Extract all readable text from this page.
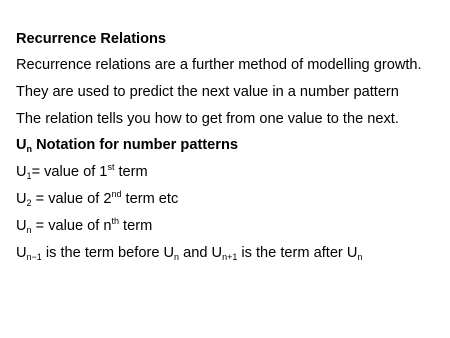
Recurrence Relations
Recurrence relations are a further method of modelling growth.
They are used to predict the next value in a number pattern
The relation tells you how to get from one value to the next.
$U_n$ Notation for number patterns
$U_1=$ value of 1st term
$U_2$ = value of 2nd term etc
$U_n$ = value of $n^{th}$ term
$U_{n-1}$ is the term before $U_n$ and $U_{n+1}$ is the term after $U_n$
